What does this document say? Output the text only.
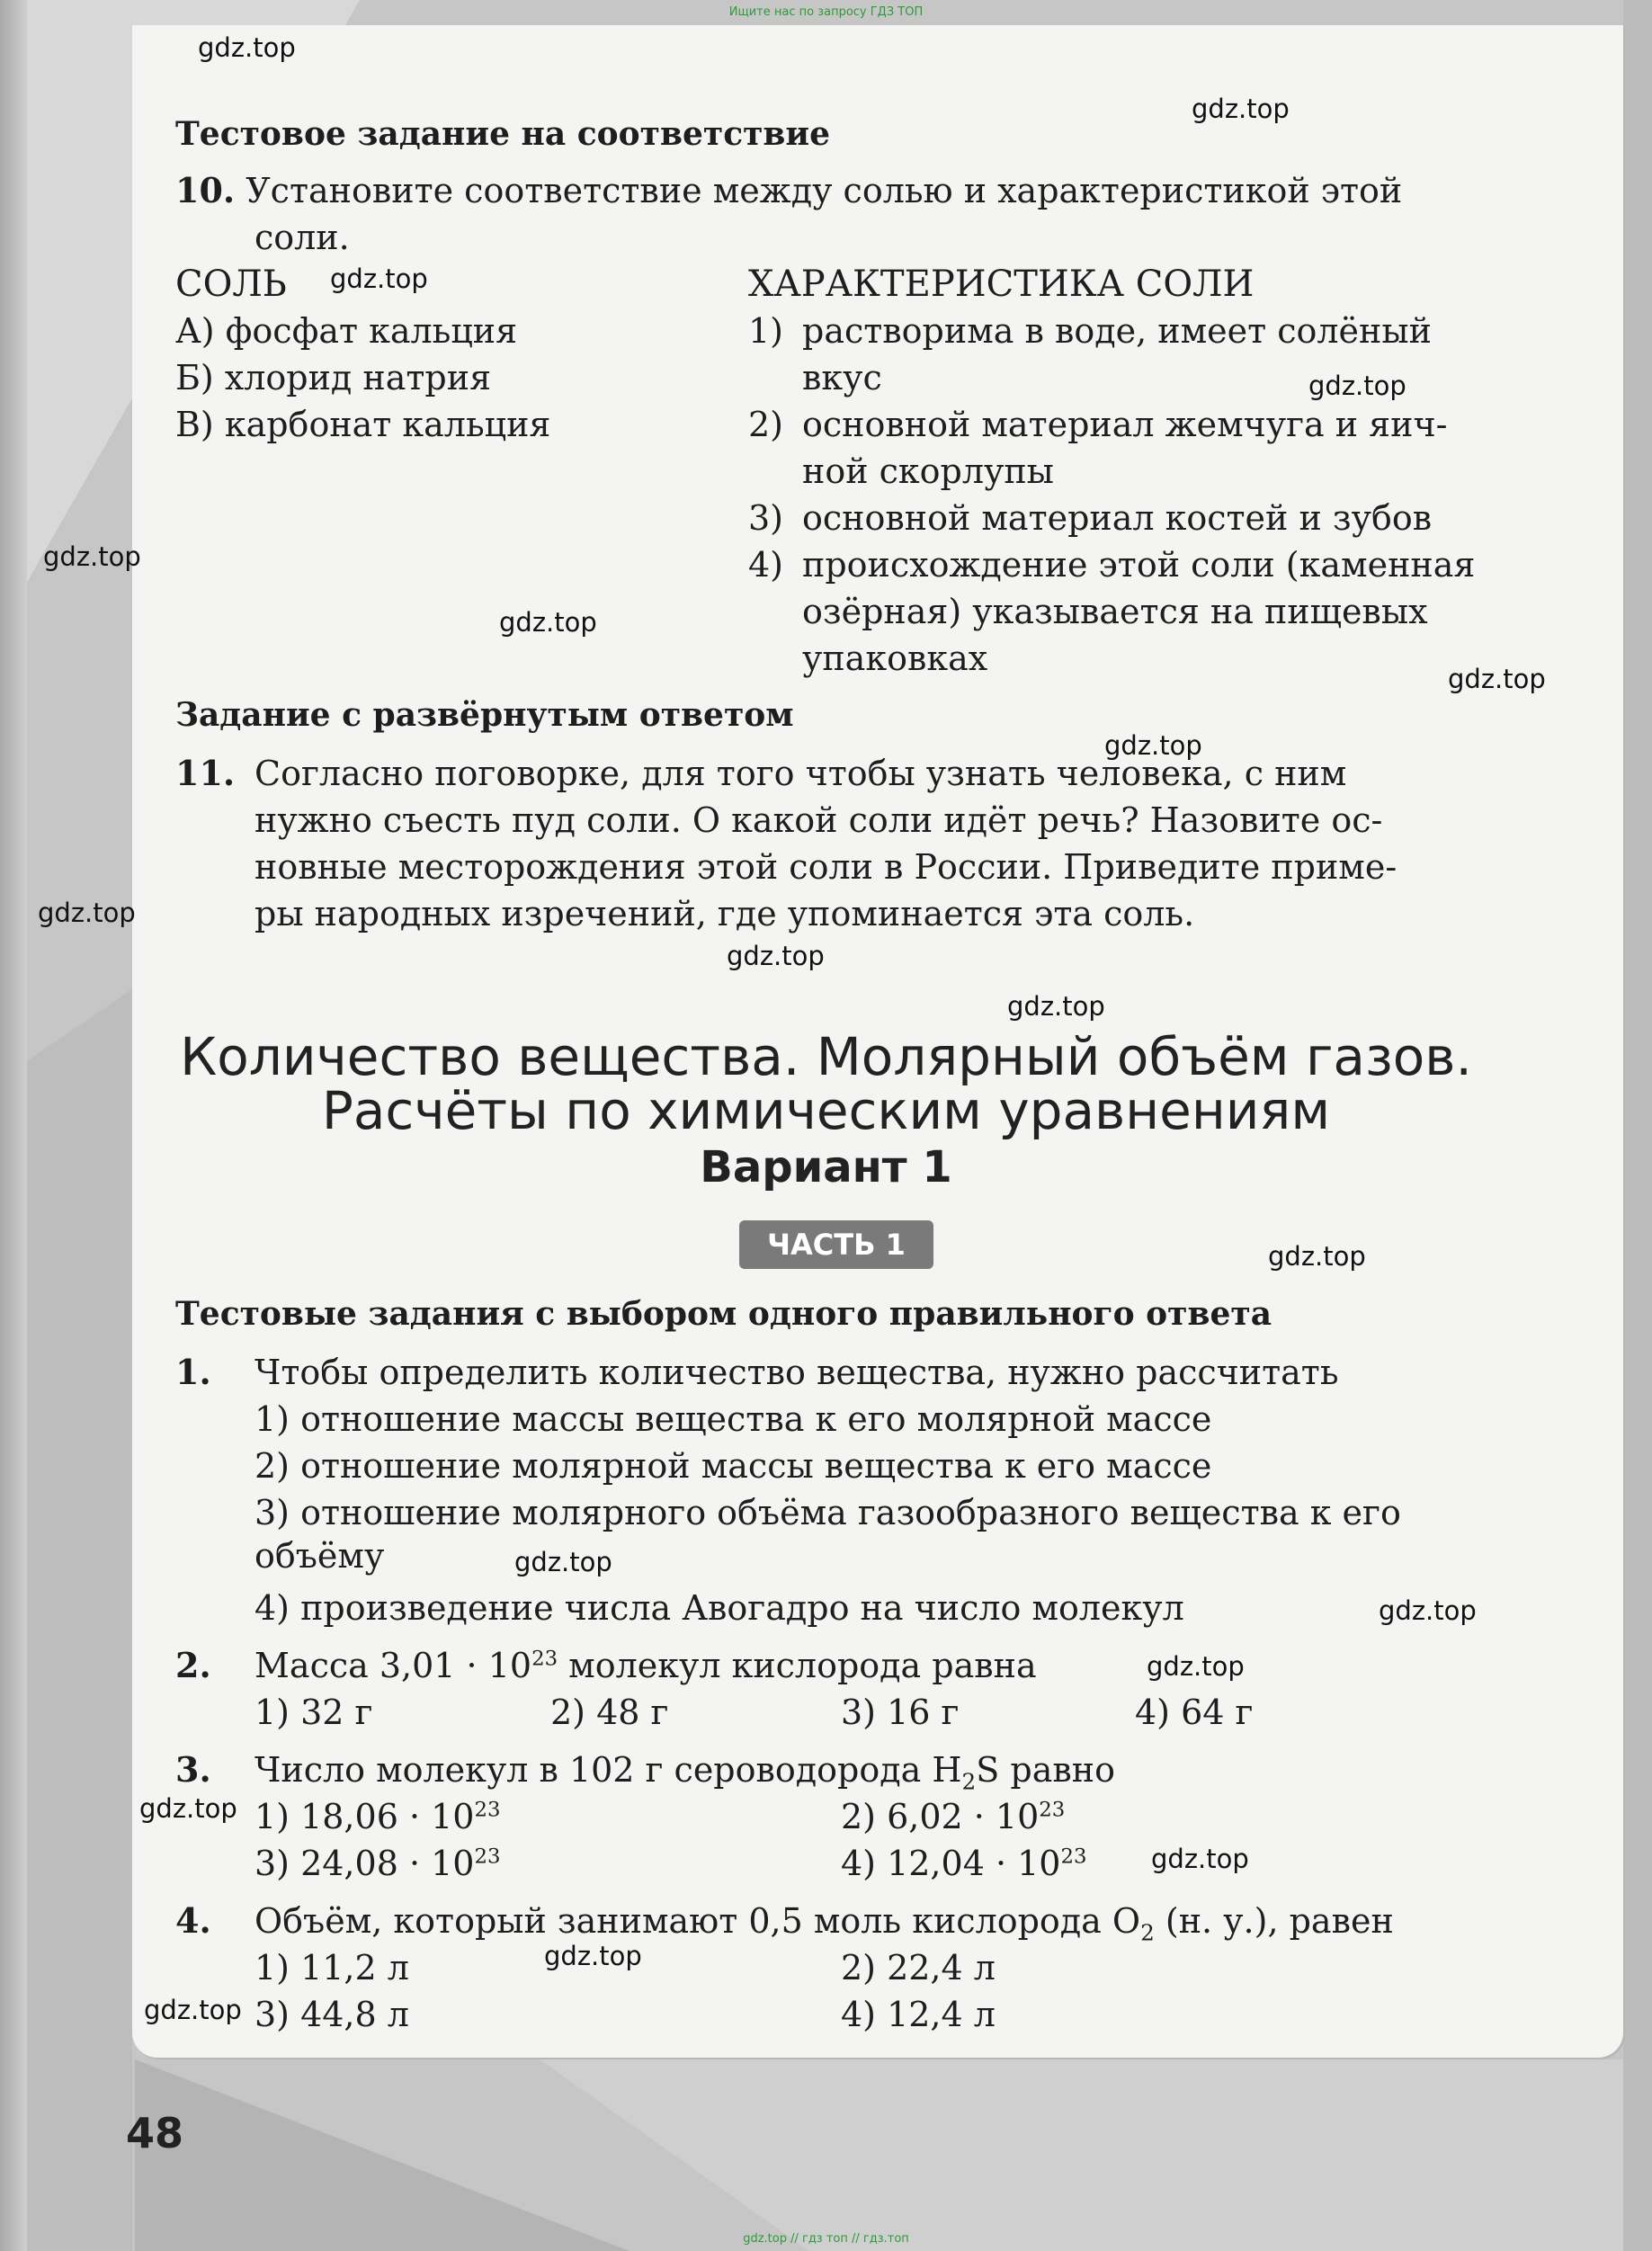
Ищите нас по запросу ГДЗ ТОП
Тестовое задание на соответствие
10. Установите соответствие между солью и характеристикой этой
соли.
СОЛЬ	ХАРАКТЕРИСТИКА СОЛИ
А) фосфат кальция
Б) хлорид натрия
В) карбонат кальция
1) растворима в воде, имеет солёный
вкус
2) основной материал жемчуга и яич-
ной скорлупы
3) основной материал костей и зубов
4) происхождение этой соли (каменная
озёрная) указывается на пищевых
упаковках
Задание с развёрнутым ответом
11. Согласно поговорке, для того чтобы узнать человека, с ним
нужно съесть пуд соли. О какой соли идёт речь? Назовите ос-
новные месторождения этой соли в России. Приведите приме-
ры народных изречений, где упоминается эта соль.
Количество вещества. Молярный объём газов.
Расчёты по химическим уравнениям
Вариант 1
ЧАСТЬ 1
Тестовые задания с выбором одного правильного ответа
1. Чтобы определить количество вещества, нужно рассчитать
1) отношение массы вещества к его молярной массе
2) отношение молярной массы вещества к его массе
3) отношение молярного объёма газообразного вещества к его
объёму
4) произведение числа Авогадро на число молекул
2. Масса $3,01 \cdot 10^{23}$ молекул кислорода равна
1) 32 г	2) 48 г	3) 16 г	4) 64 г
3. Число молекул в 102 г сероводорода $H_2S$ равно
1) $18,06 \cdot 10^{23}$	2) $6,02 \cdot 10^{23}$
3) $24,08 \cdot 10^{23}$	4) $12,04 \cdot 10^{23}$
4. Объём, который занимают 0,5 моль кислорода $O_2$ (н. у.), равен
1) 11,2 л	2) 22,4 л
3) 44,8 л	4) 12,4 л
48
gdz.top
gdz.top
gdz.top
gdz.top
gdz.top
gdz.top
gdz.top
gdz.top
gdz.top
gdz.top
gdz.top
gdz.top
gdz.top
gdz.top
gdz.top
gdz.top
gdz.top
gdz.top
gdz.top
gdz.top // гдз топ // гдз.топ
